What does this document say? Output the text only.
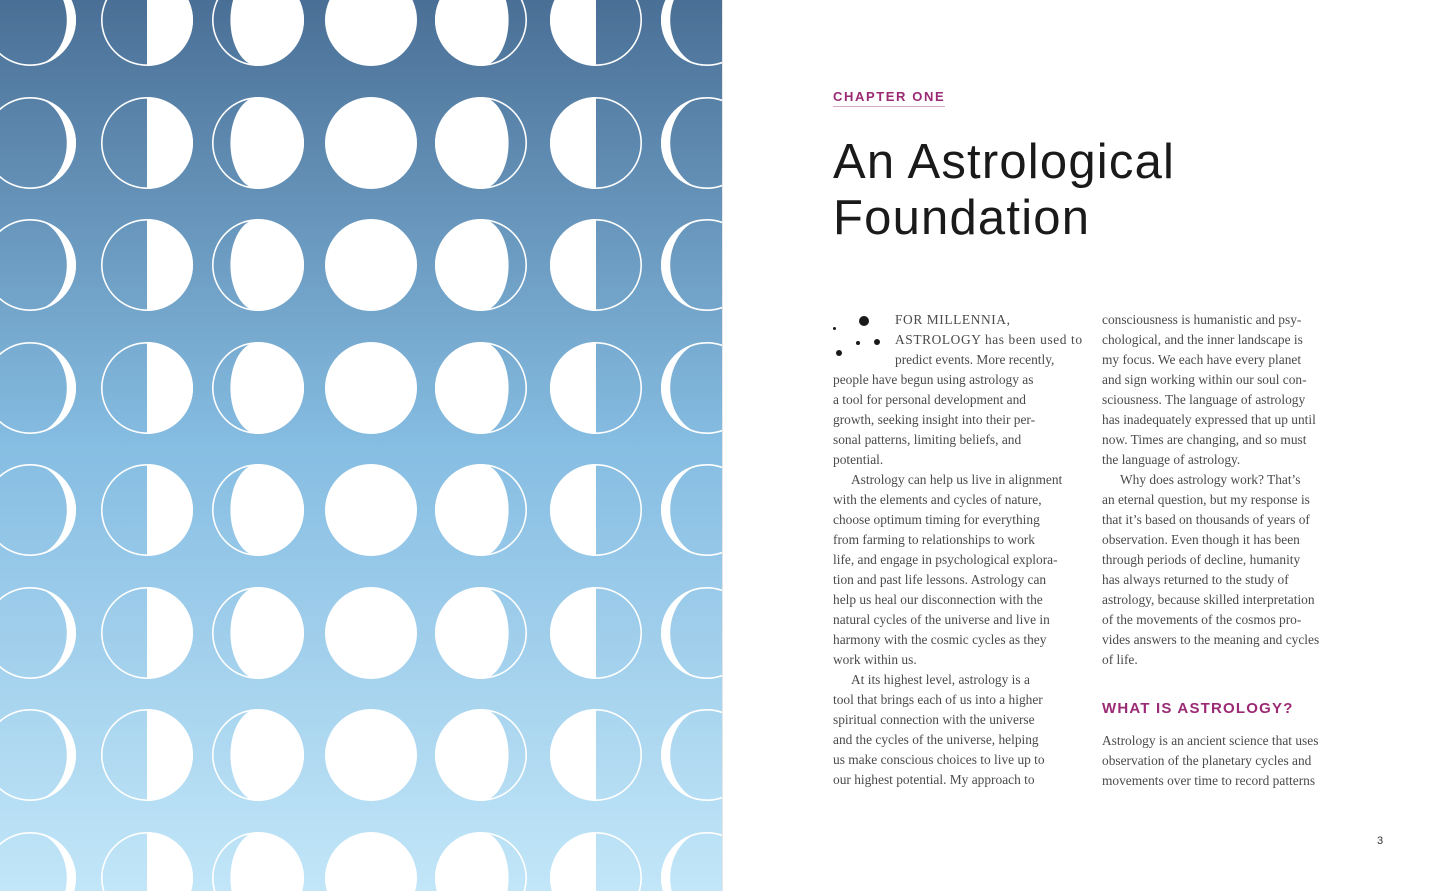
CHAPTER ONE
An Astrological
Foundation
FOR MILLENNIA,
ASTROLOGY has been used to
predict events. More recently,
people have begun using astrology as
a tool for personal development and
growth, seeking insight into their per-
sonal patterns, limiting beliefs, and
potential.
Astrology can help us live in alignment
with the elements and cycles of nature,
choose optimum timing for everything
from farming to relationships to work
life, and engage in psychological explora-
tion and past life lessons. Astrology can
help us heal our disconnection with the
natural cycles of the universe and live in
harmony with the cosmic cycles as they
work within us.
At its highest level, astrology is a
tool that brings each of us into a higher
spiritual connection with the universe
and the cycles of the universe, helping
us make conscious choices to live up to
our highest potential. My approach to
consciousness is humanistic and psy-
chological, and the inner landscape is
my focus. We each have every planet
and sign working within our soul con-
sciousness. The language of astrology
has inadequately expressed that up until
now. Times are changing, and so must
the language of astrology.
Why does astrology work? That’s
an eternal question, but my response is
that it’s based on thousands of years of
observation. Even though it has been
through periods of decline, humanity
has always returned to the study of
astrology, because skilled interpretation
of the movements of the cosmos pro-
vides answers to the meaning and cycles
of life.
WHAT IS ASTROLOGY?
Astrology is an ancient science that uses
observation of the planetary cycles and
movements over time to record patterns
3
